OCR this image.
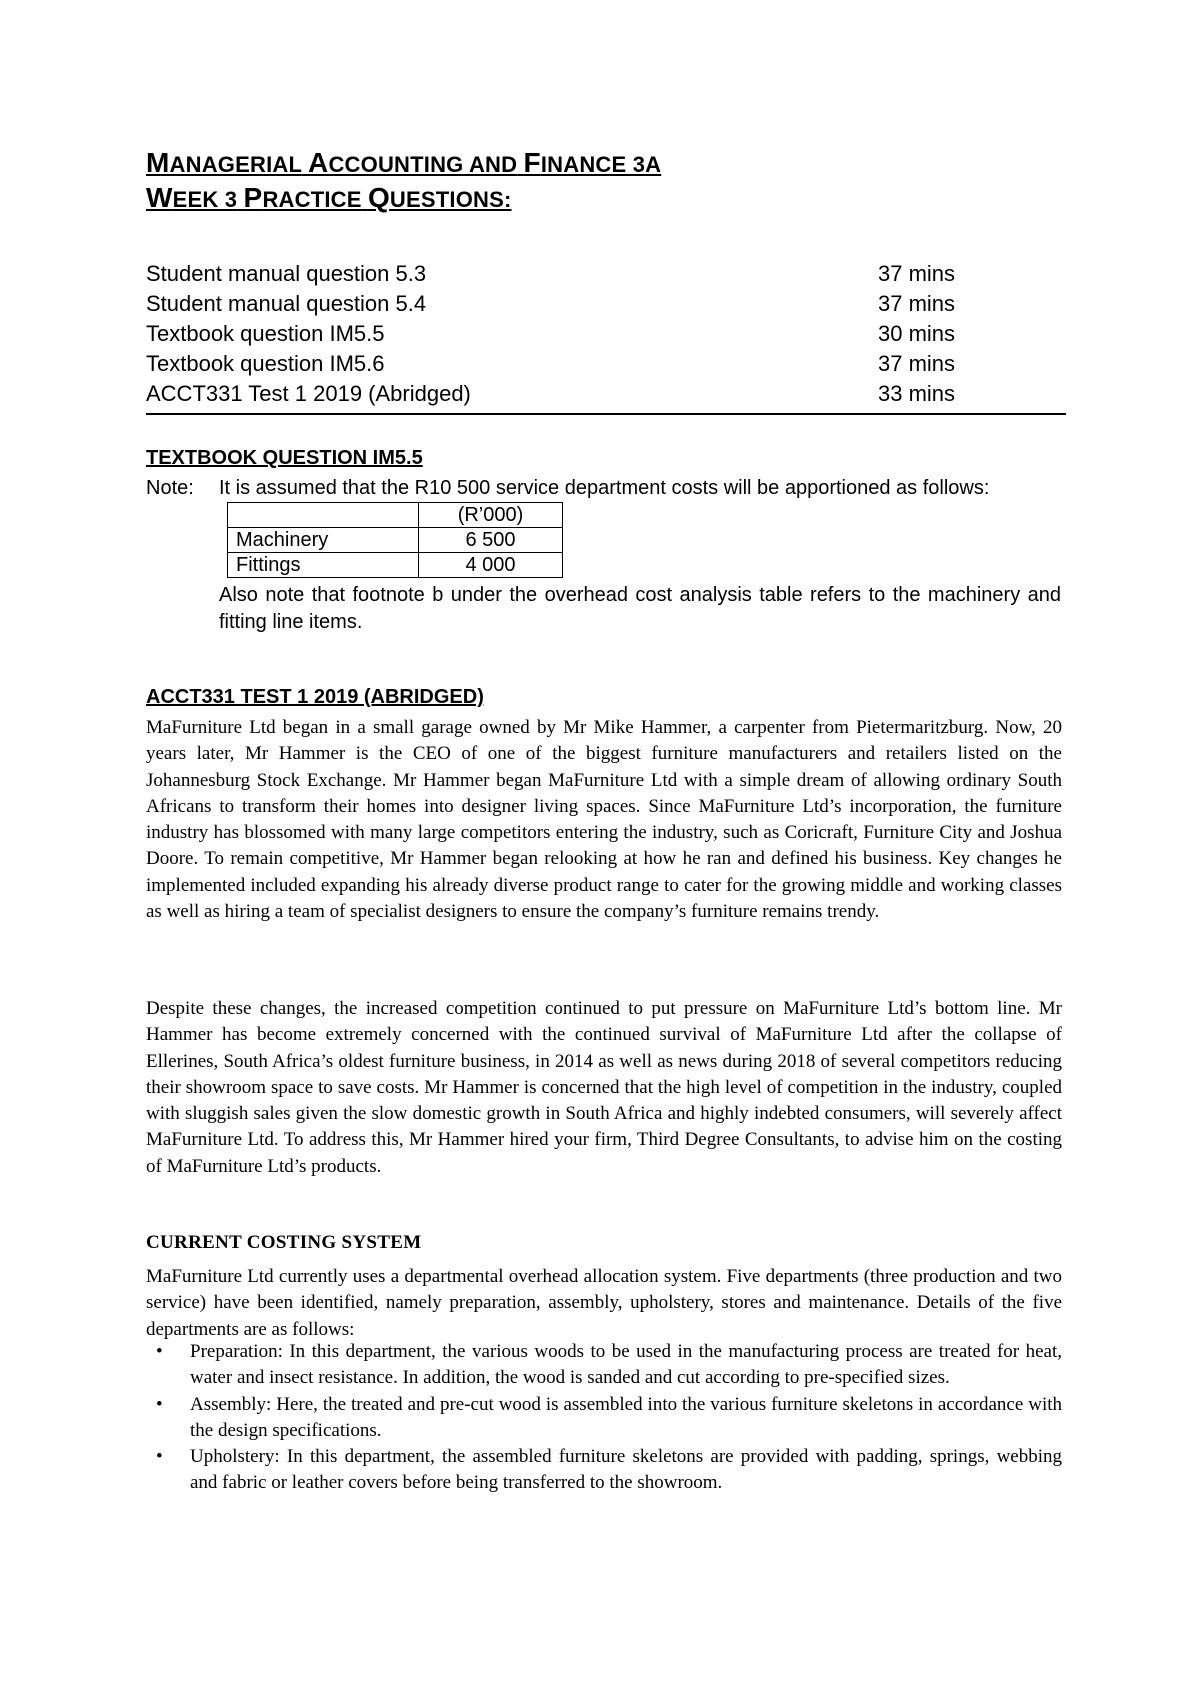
MANAGERIAL ACCOUNTING AND FINANCE 3A
WEEK 3 PRACTICE QUESTIONS:
Student manual question 5.3	37 mins
Student manual question 5.4	37 mins
Textbook question IM5.5	30 mins
Textbook question IM5.6	37 mins
ACCT331 Test 1 2019 (Abridged)	33 mins
TEXTBOOK QUESTION IM5.5
Note: It is assumed that the R10 500 service department costs will be apportioned as follows:
	(R’000)
Machinery	6 500
Fittings	4 000
Also note that footnote b under the overhead cost analysis table refers to the machinery and fitting line items.
ACCT331 TEST 1 2019 (ABRIDGED)
MaFurniture Ltd began in a small garage owned by Mr Mike Hammer, a carpenter from Pietermaritzburg. Now, 20 years later, Mr Hammer is the CEO of one of the biggest furniture manufacturers and retailers listed on the Johannesburg Stock Exchange. Mr Hammer began MaFurniture Ltd with a simple dream of allowing ordinary South Africans to transform their homes into designer living spaces. Since MaFurniture Ltd’s incorporation, the furniture industry has blossomed with many large competitors entering the industry, such as Coricraft, Furniture City and Joshua Doore. To remain competitive, Mr Hammer began relooking at how he ran and defined his business. Key changes he implemented included expanding his already diverse product range to cater for the growing middle and working classes as well as hiring a team of specialist designers to ensure the company’s furniture remains trendy.
Despite these changes, the increased competition continued to put pressure on MaFurniture Ltd’s bottom line. Mr Hammer has become extremely concerned with the continued survival of MaFurniture Ltd after the collapse of Ellerines, South Africa’s oldest furniture business, in 2014 as well as news during 2018 of several competitors reducing their showroom space to save costs. Mr Hammer is concerned that the high level of competition in the industry, coupled with sluggish sales given the slow domestic growth in South Africa and highly indebted consumers, will severely affect MaFurniture Ltd. To address this, Mr Hammer hired your firm, Third Degree Consultants, to advise him on the costing of MaFurniture Ltd’s products.
CURRENT COSTING SYSTEM
MaFurniture Ltd currently uses a departmental overhead allocation system. Five departments (three production and two service) have been identified, namely preparation, assembly, upholstery, stores and maintenance. Details of the five departments are as follows:
• Preparation: In this department, the various woods to be used in the manufacturing process are treated for heat, water and insect resistance. In addition, the wood is sanded and cut according to pre-specified sizes.
• Assembly: Here, the treated and pre-cut wood is assembled into the various furniture skeletons in accordance with the design specifications.
• Upholstery: In this department, the assembled furniture skeletons are provided with padding, springs, webbing and fabric or leather covers before being transferred to the showroom.
